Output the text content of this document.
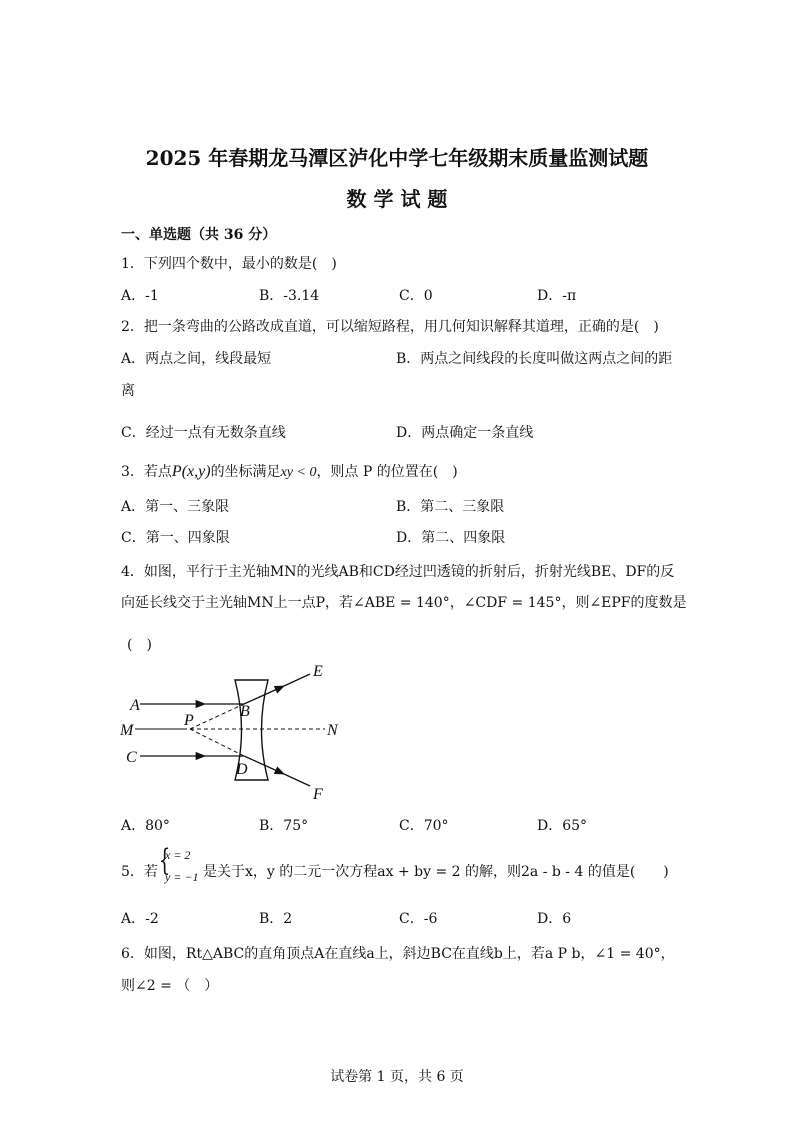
2025 年春期龙马潭区泸化中学七年级期末质量监测试题
数 学 试 题
一、单选题（共 36 分）
1．下列四个数中，最小的数是(　)
A．-1	B．-3.14	C．0	D．-π
2．把一条弯曲的公路改成直道，可以缩短路程，用几何知识解释其道理，正确的是(　)
A．两点之间，线段最短	B．两点之间线段的长度叫做这两点之间的距
离
C．经过一点有无数条直线	D．两点确定一条直线
3．若点P(x,y)的坐标满足xy < 0，则点 P 的位置在(　)
A．第一、三象限	B．第二、三象限
C．第一、四象限	D．第二、四象限
4．如图，平行于主光轴MN的光线AB和CD经过凹透镜的折射后，折射光线BE、DF的反
向延长线交于主光轴MN上一点P，若∠ABE = 140°，∠CDF = 145°，则∠EPF的度数是
(　)
A
M
C
P
B
D
E
N
F
A．80°	B．75°	C．70°	D．65°
5．若 {
x = 2
y = −1 是关于x，y 的二元一次方程ax + by = 2 的解，则2a - b - 4 的值是(　　)
A．-2	B．2	C．-6	D．6
6．如图，Rt△ABC的直角顶点A在直线a上，斜边BC在直线b上，若a P b，∠1 = 40°，
则∠2 = （　）
试卷第 1 页，共 6 页
